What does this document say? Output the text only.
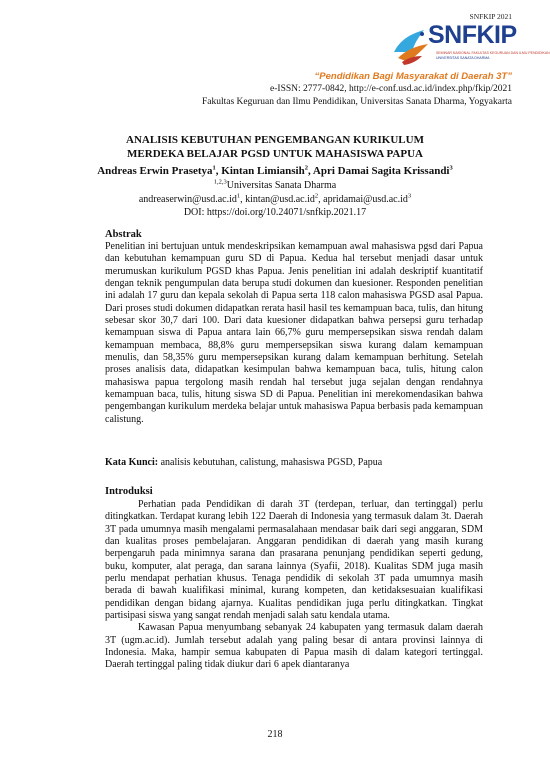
SNFKIP 2021
SNFKIP
SEMINAR NASIONAL FAKULTAS KEGURUAN DAN ILMU PENDIDIKAN
UNIVERSITAS SANATA DHARMA
“Pendidikan Bagi Masyarakat di Daerah 3T”
e-ISSN: 2777-0842, http://e-conf.usd.ac.id/index.php/fkip/2021
Fakultas Keguruan dan Ilmu Pendidikan, Universitas Sanata Dharma, Yogyakarta
ANALISIS KEBUTUHAN PENGEMBANGAN KURIKULUM
MERDEKA BELAJAR PGSD UNTUK MAHASISWA PAPUA
Andreas Erwin Prasetya$^1$, Kintan Limiansih$^2$, Apri Damai Sagita Krissandi$^3$
$^{1,2,3}$Universitas Sanata Dharma
$andreaserwin@usd.ac.id^1$, $kintan@usd.ac.id^2$, $apridamai@usd.ac.id^3$
DOI: https://doi.org/10.24071/snfkip.2021.17

Abstrak

Penelitian ini bertujuan untuk mendeskripsikan kemampuan awal mahasiswa pgsd dari Papua dan kebutuhan kemampuan guru SD di Papua. Kedua hal tersebut menjadi dasar untuk merumuskan kurikulum PGSD khas Papua. Jenis penelitian ini adalah deskriptif kuantitatif dengan teknik pengumpulan data berupa studi dokumen dan kuesioner. Responden penelitian ini adalah 17 guru dan kepala sekolah di Papua serta 118 calon mahasiswa PGSD asal Papua. Dari proses studi dokumen didapatkan rerata hasil hasil tes kemampuan baca, tulis, dan hitung sebesar skor 30,7 dari 100. Dari data kuesioner didapatkan bahwa persepsi guru terhadap kemampuan siswa di Papua antara lain 66,7% guru mempersepsikan siswa rendah dalam kemampuan membaca, 88,8% guru mempersepsikan siswa kurang dalam kemampuan menulis, dan 58,35% guru mempersepsikan kurang dalam kemampuan berhitung. Setelah proses analisis data, didapatkan kesimpulan bahwa kemampuan baca, tulis, hitung calon mahasiswa papua tergolong masih rendah hal tersebut juga sejalan dengan rendahnya kemampuan baca, tulis, hitung siswa SD di Papua. Penelitian ini merekomendasikan bahwa pengembangan kurikulum merdeka belajar untuk mahasiswa Papua berbasis pada kemampuan calistung.

Kata Kunci: analisis kebutuhan, calistung, mahasiswa PGSD, Papua

Introduksi

Perhatian pada Pendidikan di darah 3T (terdepan, terluar, dan tertinggal) perlu ditingkatkan. Terdapat kurang lebih 122 Daerah di Indonesia yang termasuk dalam 3t. Daerah 3T pada umumnya masih mengalami permasalahaan mendasar baik dari segi anggaran, SDM dan kualitas proses pembelajaran. Anggaran pendidikan di daerah yang masih kurang berpengaruh pada minimnya sarana dan prasarana penunjang pendidikan seperti gedung, buku, komputer, alat peraga, dan sarana lainnya (Syafii, 2018). Kualitas SDM juga masih perlu mendapat perhatian khusus. Tenaga pendidik di sekolah 3T pada umumnya masih berada di bawah kualifikasi minimal, kurang kompeten, dan ketidaksesuaian kualifikasi pendidikan dengan bidang ajarnya. Kualitas pendidikan juga perlu ditingkatkan. Tingkat partisipasi siswa yang sangat rendah menjadi salah satu kendala utama.

Kawasan Papua menyumbang sebanyak 24 kabupaten yang termasuk dalam daerah 3T (ugm.ac.id). Jumlah tersebut adalah yang paling besar di antara provinsi lainnya di Indonesia. Maka, hampir semua kabupaten di Papua masih di dalam kategori tertinggal. Daerah tertinggal paling tidak diukur dari 6 apek diantaranya

218
